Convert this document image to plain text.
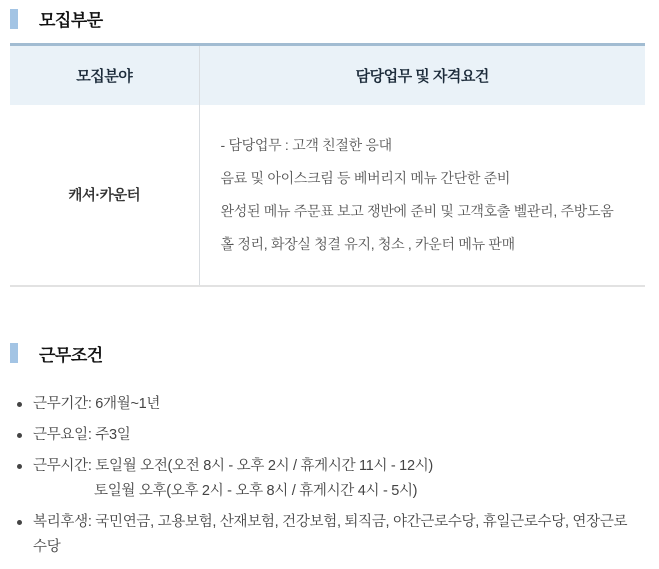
모집부문
모집분야	담당업무 및 자격요건
캐셔·카운터	- 담당업무 : 고객 친절한 응대

음료 및 아이스크림 등 베버리지 메뉴 간단한 준비

완성된 메뉴 주문표 보고 쟁반에 준비 및 고객호출 벨관리, 주방도움

홀 정리, 화장실 청결 유지, 청소 , 카운터 메뉴 판매

근무조건
근무기간: 6개월~1년
근무요일: 주3일
근무시간: 토일월 오전(오전 8시 - 오후 2시 / 휴게시간 11시 - 12시)
토일월 오후(오후 2시 - 오후 8시 / 휴게시간 4시 - 5시)
복리후생: 국민연금, 고용보험, 산재보험, 건강보험, 퇴직금, 야간근로수당, 휴일근로수당, 연장근로수당
